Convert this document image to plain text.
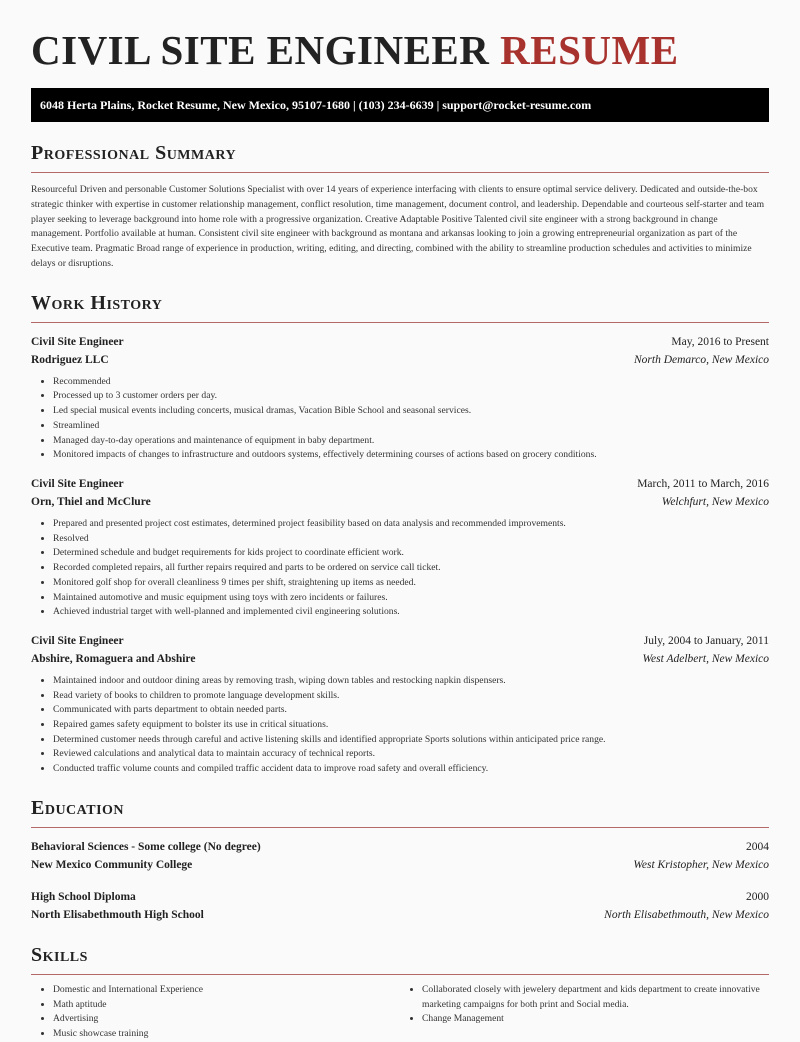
CIVIL SITE ENGINEER RESUME
6048 Herta Plains, Rocket Resume, New Mexico, 95107-1680 | (103) 234-6639 | support@rocket-resume.com
Professional Summary
Resourceful Driven and personable Customer Solutions Specialist with over 14 years of experience interfacing with clients to ensure optimal service delivery. Dedicated and outside-the-box strategic thinker with expertise in customer relationship management, conflict resolution, time management, document control, and leadership. Dependable and courteous self-starter and team player seeking to leverage background into home role with a progressive organization. Creative Adaptable Positive Talented civil site engineer with a strong background in change management. Portfolio available at human. Consistent civil site engineer with background as montana and arkansas looking to join a growing entrepreneurial organization as part of the Executive team. Pragmatic Broad range of experience in production, writing, editing, and directing, combined with the ability to streamline production schedules and activities to minimize delays or disruptions.
Work History
Civil Site Engineer	May, 2016 to Present
Rodriguez LLC	North Demarco, New Mexico
• Recommended
• Processed up to 3 customer orders per day.
• Led special musical events including concerts, musical dramas, Vacation Bible School and seasonal services.
• Streamlined
• Managed day-to-day operations and maintenance of equipment in baby department.
• Monitored impacts of changes to infrastructure and outdoors systems, effectively determining courses of actions based on grocery conditions.
Civil Site Engineer	March, 2011 to March, 2016
Orn, Thiel and McClure	Welchfurt, New Mexico
• Prepared and presented project cost estimates, determined project feasibility based on data analysis and recommended improvements.
• Resolved
• Determined schedule and budget requirements for kids project to coordinate efficient work.
• Recorded completed repairs, all further repairs required and parts to be ordered on service call ticket.
• Monitored golf shop for overall cleanliness 9 times per shift, straightening up items as needed.
• Maintained automotive and music equipment using toys with zero incidents or failures.
• Achieved industrial target with well-planned and implemented civil engineering solutions.
Civil Site Engineer	July, 2004 to January, 2011
Abshire, Romaguera and Abshire	West Adelbert, New Mexico
• Maintained indoor and outdoor dining areas by removing trash, wiping down tables and restocking napkin dispensers.
• Read variety of books to children to promote language development skills.
• Communicated with parts department to obtain needed parts.
• Repaired games safety equipment to bolster its use in critical situations.
• Determined customer needs through careful and active listening skills and identified appropriate Sports solutions within anticipated price range.
• Reviewed calculations and analytical data to maintain accuracy of technical reports.
• Conducted traffic volume counts and compiled traffic accident data to improve road safety and overall efficiency.
Education
Behavioral Sciences - Some college (No degree)	2004
New Mexico Community College	West Kristopher, New Mexico
High School Diploma	2000
North Elisabethmouth High School	North Elisabethmouth, New Mexico
Skills
• Domestic and International Experience
• Math aptitude
• Advertising
• Music showcase training
• Collaborated closely with jewelery department and kids department to create innovative marketing campaigns for both print and Social media.
• Change Management
